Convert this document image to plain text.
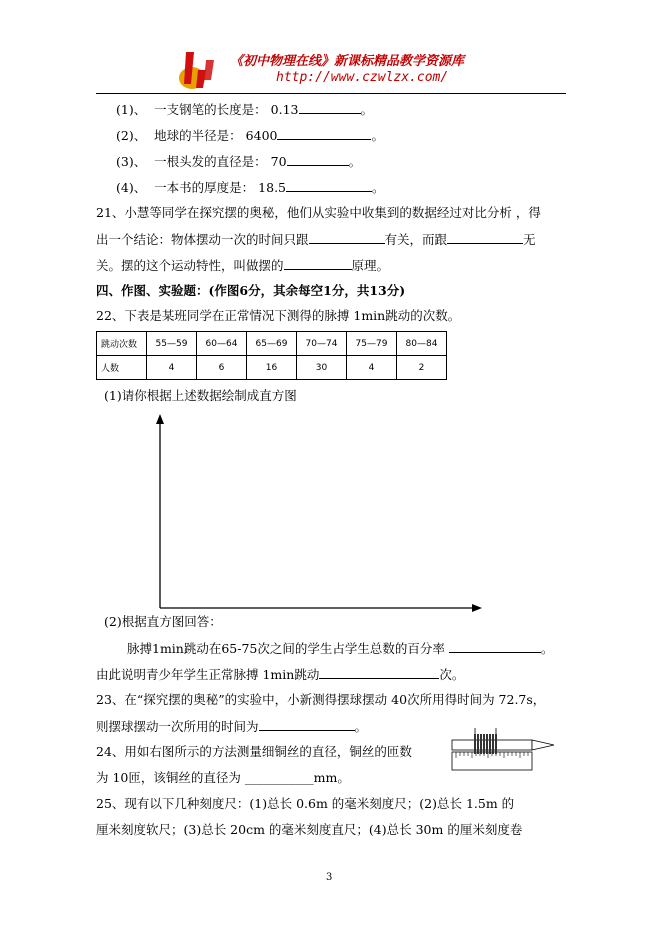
《初中物理在线》新课标精品教学资源库
http://www.czwlzx.com/
(1)、 一支钢笔的长度是： 0.13	。
(2)、 地球的半径是： 6400	。
(3)、 一根头发的直径是： 70	。
(4)、 一本书的厚度是： 18.5	。
21、小慧等同学在探究摆的奥秘，他们从实验中收集到的数据经过对比分析 ，得
出一个结论：物体摆动一次的时间只跟	有关，而跟	无
关。摆的这个运动特性，叫做摆的	原理。
四、作图、实验题：(作图6分，其余每空1分，共13分)
22、下表是某班同学在正常情况下测得的脉搏 1min跳动的次数。
跳动次数	55—59	60—64	65—69	70—74	75—79	80—84
人数	4	6	16	30	4	2
(1)请你根据上述数据绘制成直方图
(2)根据直方图回答：
脉搏1min跳动在65-75次之间的学生占学生总数的百分率	。
由此说明青少年学生正常脉搏 1min跳动	次。
23、在“探究摆的奥秘”的实验中，小新测得摆球摆动 40次所用得时间为 72.7s，
则摆球摆动一次所用的时间为	。
24、用如右图所示的方法测量细铜丝的直径，铜丝的匝数
为 10匝，该铜丝的直径为 ___________mm。
25、现有以下几种刻度尺：(1)总长 0.6m 的毫米刻度尺；(2)总长 1.5m 的
厘米刻度软尺；(3)总长 20cm 的毫米刻度直尺；(4)总长 30m 的厘米刻度卷
3
